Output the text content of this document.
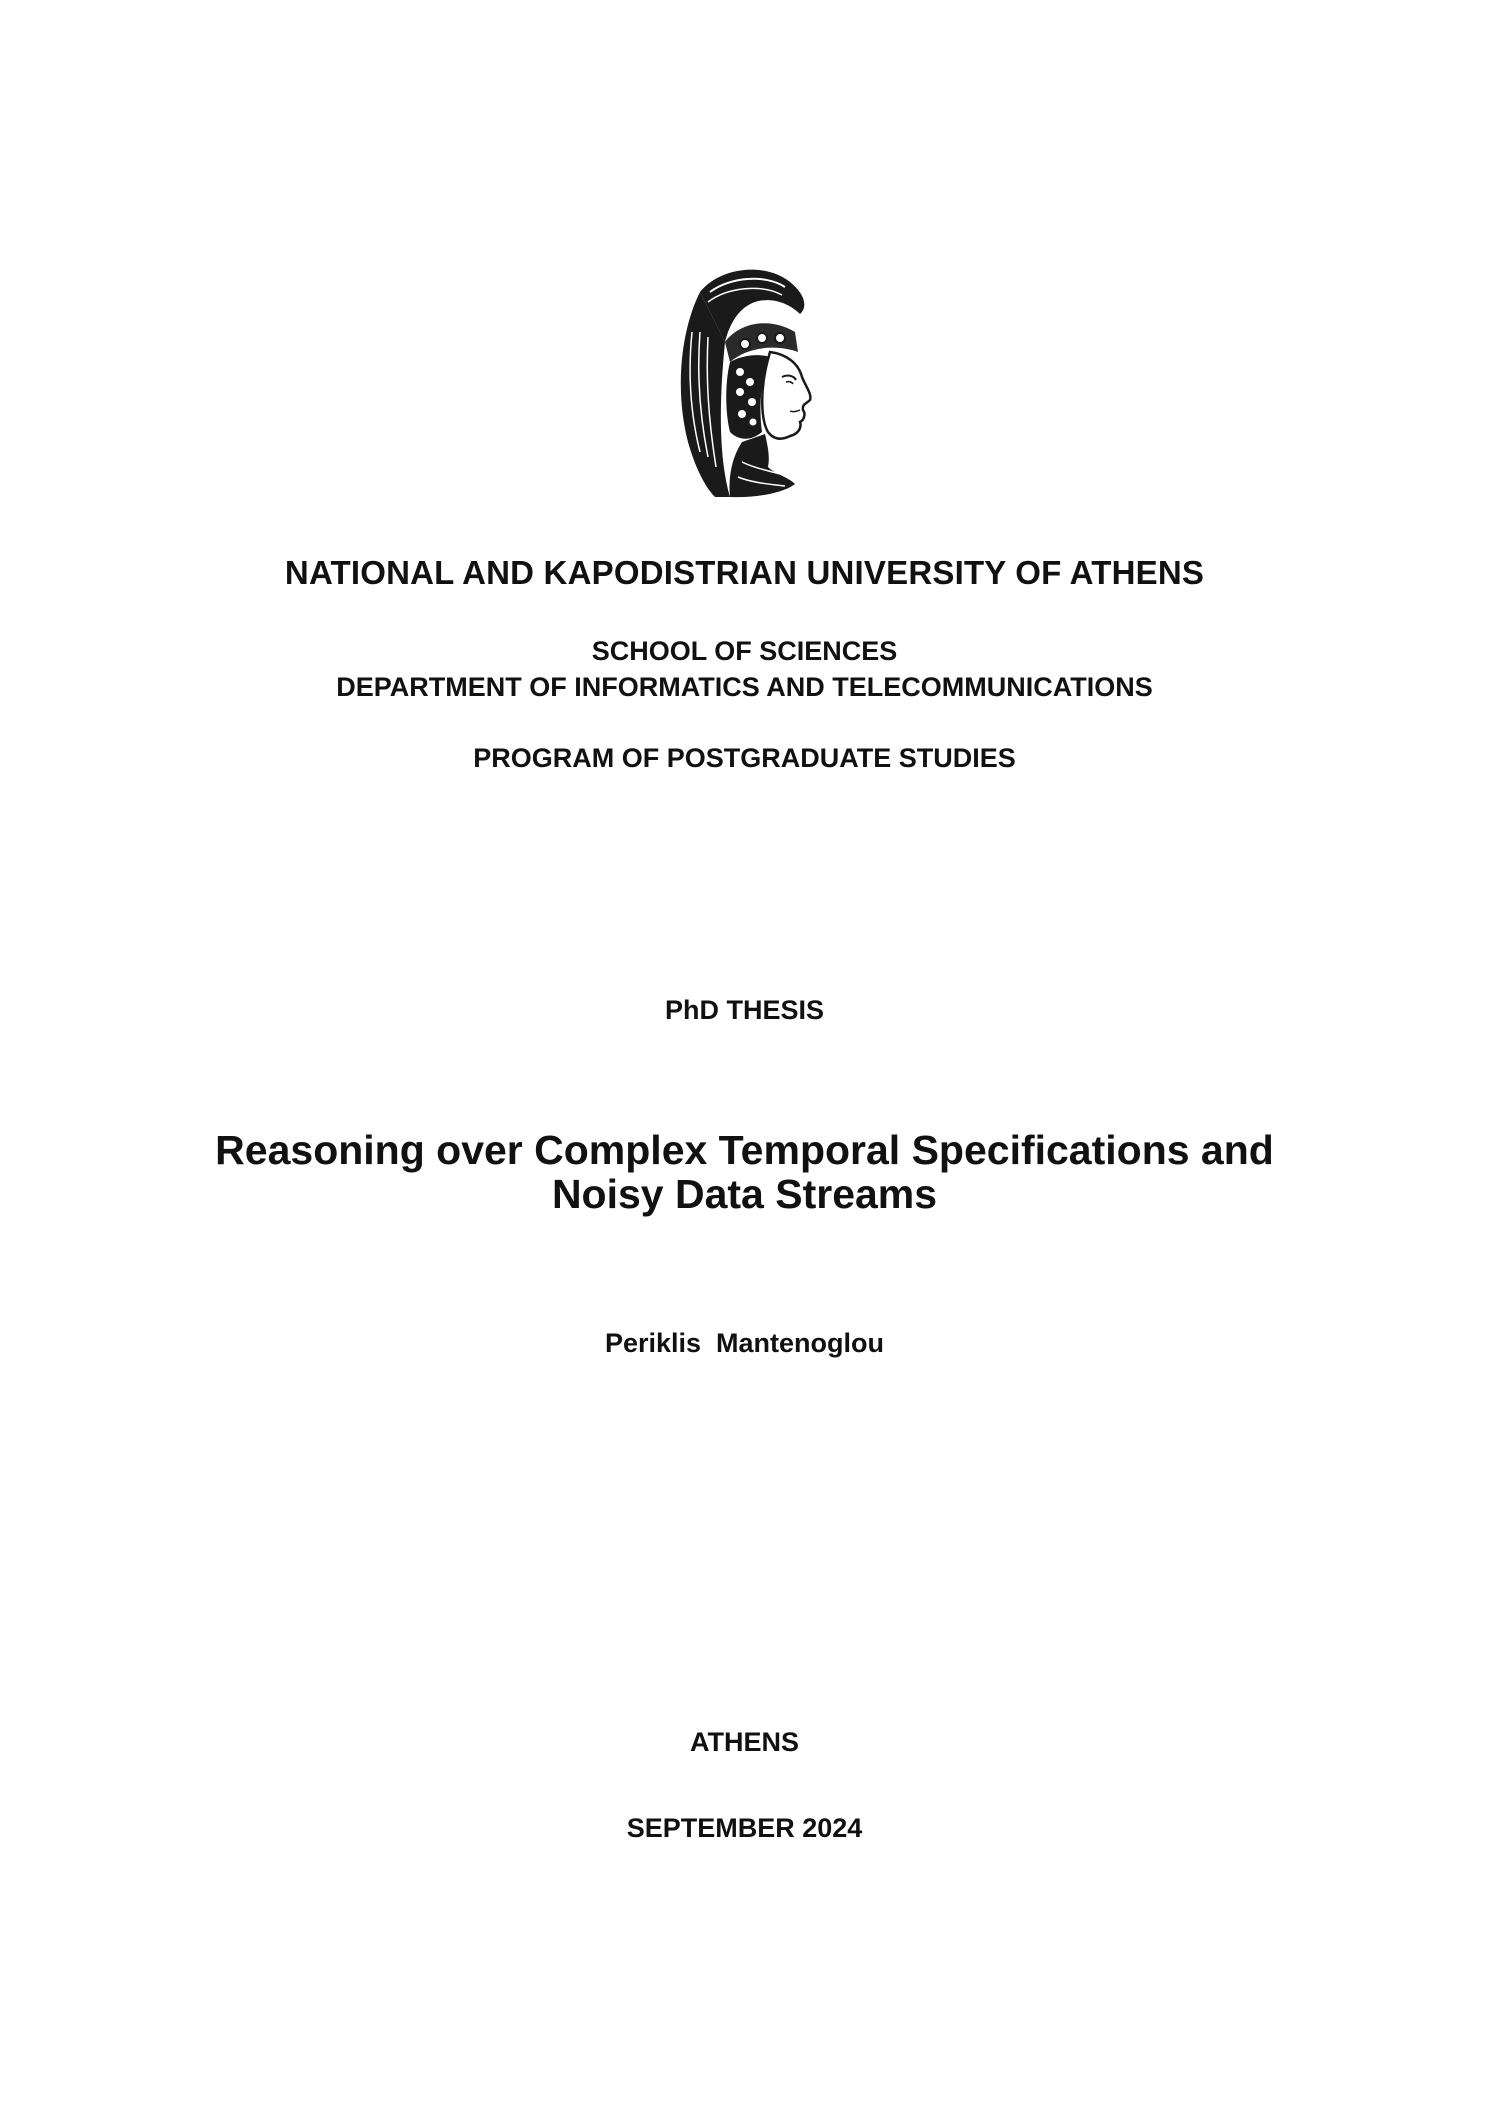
NATIONAL AND KAPODISTRIAN UNIVERSITY OF ATHENS
SCHOOL OF SCIENCES
DEPARTMENT OF INFORMATICS AND TELECOMMUNICATIONS
PROGRAM OF POSTGRADUATE STUDIES
PhD THESIS
Reasoning over Complex Temporal Specifications and
Noisy Data Streams
Periklis  Mantenoglou
ATHENS
SEPTEMBER 2024
